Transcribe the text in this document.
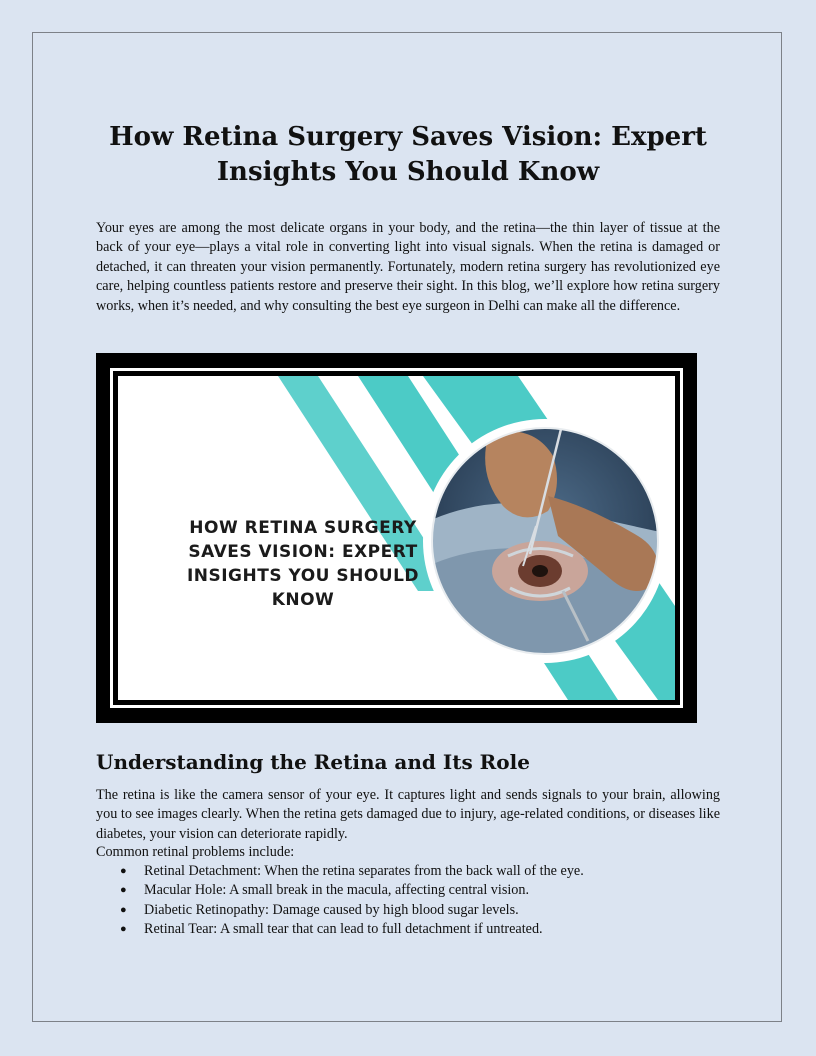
How Retina Surgery Saves Vision: Expert Insights You Should Know

Your eyes are among the most delicate organs in your body, and the retina—the thin layer of tissue at the back of your eye—plays a vital role in converting light into visual signals. When the retina is damaged or detached, it can threaten your vision permanently. Fortunately, modern retina surgery has revolutionized eye care, helping countless patients restore and preserve their sight. In this blog, we’ll explore how retina surgery works, when it’s needed, and why consulting the best eye surgeon in Delhi can make all the difference.

HOW RETINA SURGERY SAVES VISION: EXPERT INSIGHTS YOU SHOULD KNOW

Understanding the Retina and Its Role

The retina is like the camera sensor of your eye. It captures light and sends signals to your brain, allowing you to see images clearly. When the retina gets damaged due to injury, age-related conditions, or diseases like diabetes, your vision can deteriorate rapidly.

Common retinal problems include:

● Retinal Detachment: When the retina separates from the back wall of the eye.
● Macular Hole: A small break in the macula, affecting central vision.
● Diabetic Retinopathy: Damage caused by high blood sugar levels.
● Retinal Tear: A small tear that can lead to full detachment if untreated.
